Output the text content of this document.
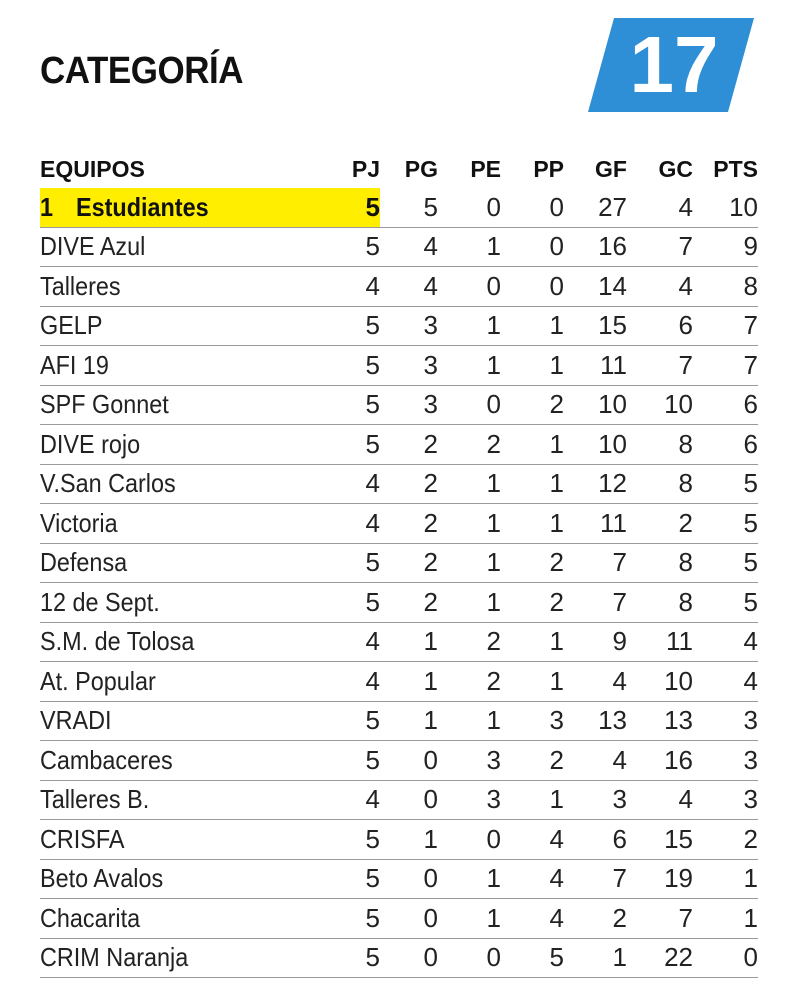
CATEGORÍA	17
EQUIPOS	PJ	PG	PE	PP	GF	GC	PTS
1 Estudiantes	5	5	0	0	27	4	10
DIVE Azul	5	4	1	0	16	7	9
Talleres	4	4	0	0	14	4	8
GELP	5	3	1	1	15	6	7
AFI 19	5	3	1	1	11	7	7
SPF Gonnet	5	3	0	2	10	10	6
DIVE rojo	5	2	2	1	10	8	6
V.San Carlos	4	2	1	1	12	8	5
Victoria	4	2	1	1	11	2	5
Defensa	5	2	1	2	7	8	5
12 de Sept.	5	2	1	2	7	8	5
S.M. de Tolosa	4	1	2	1	9	11	4
At. Popular	4	1	2	1	4	10	4
VRADI	5	1	1	3	13	13	3
Cambaceres	5	0	3	2	4	16	3
Talleres B.	4	0	3	1	3	4	3
CRISFA	5	1	0	4	6	15	2
Beto Avalos	5	0	1	4	7	19	1
Chacarita	5	0	1	4	2	7	1
CRIM Naranja	5	0	0	5	1	22	0
